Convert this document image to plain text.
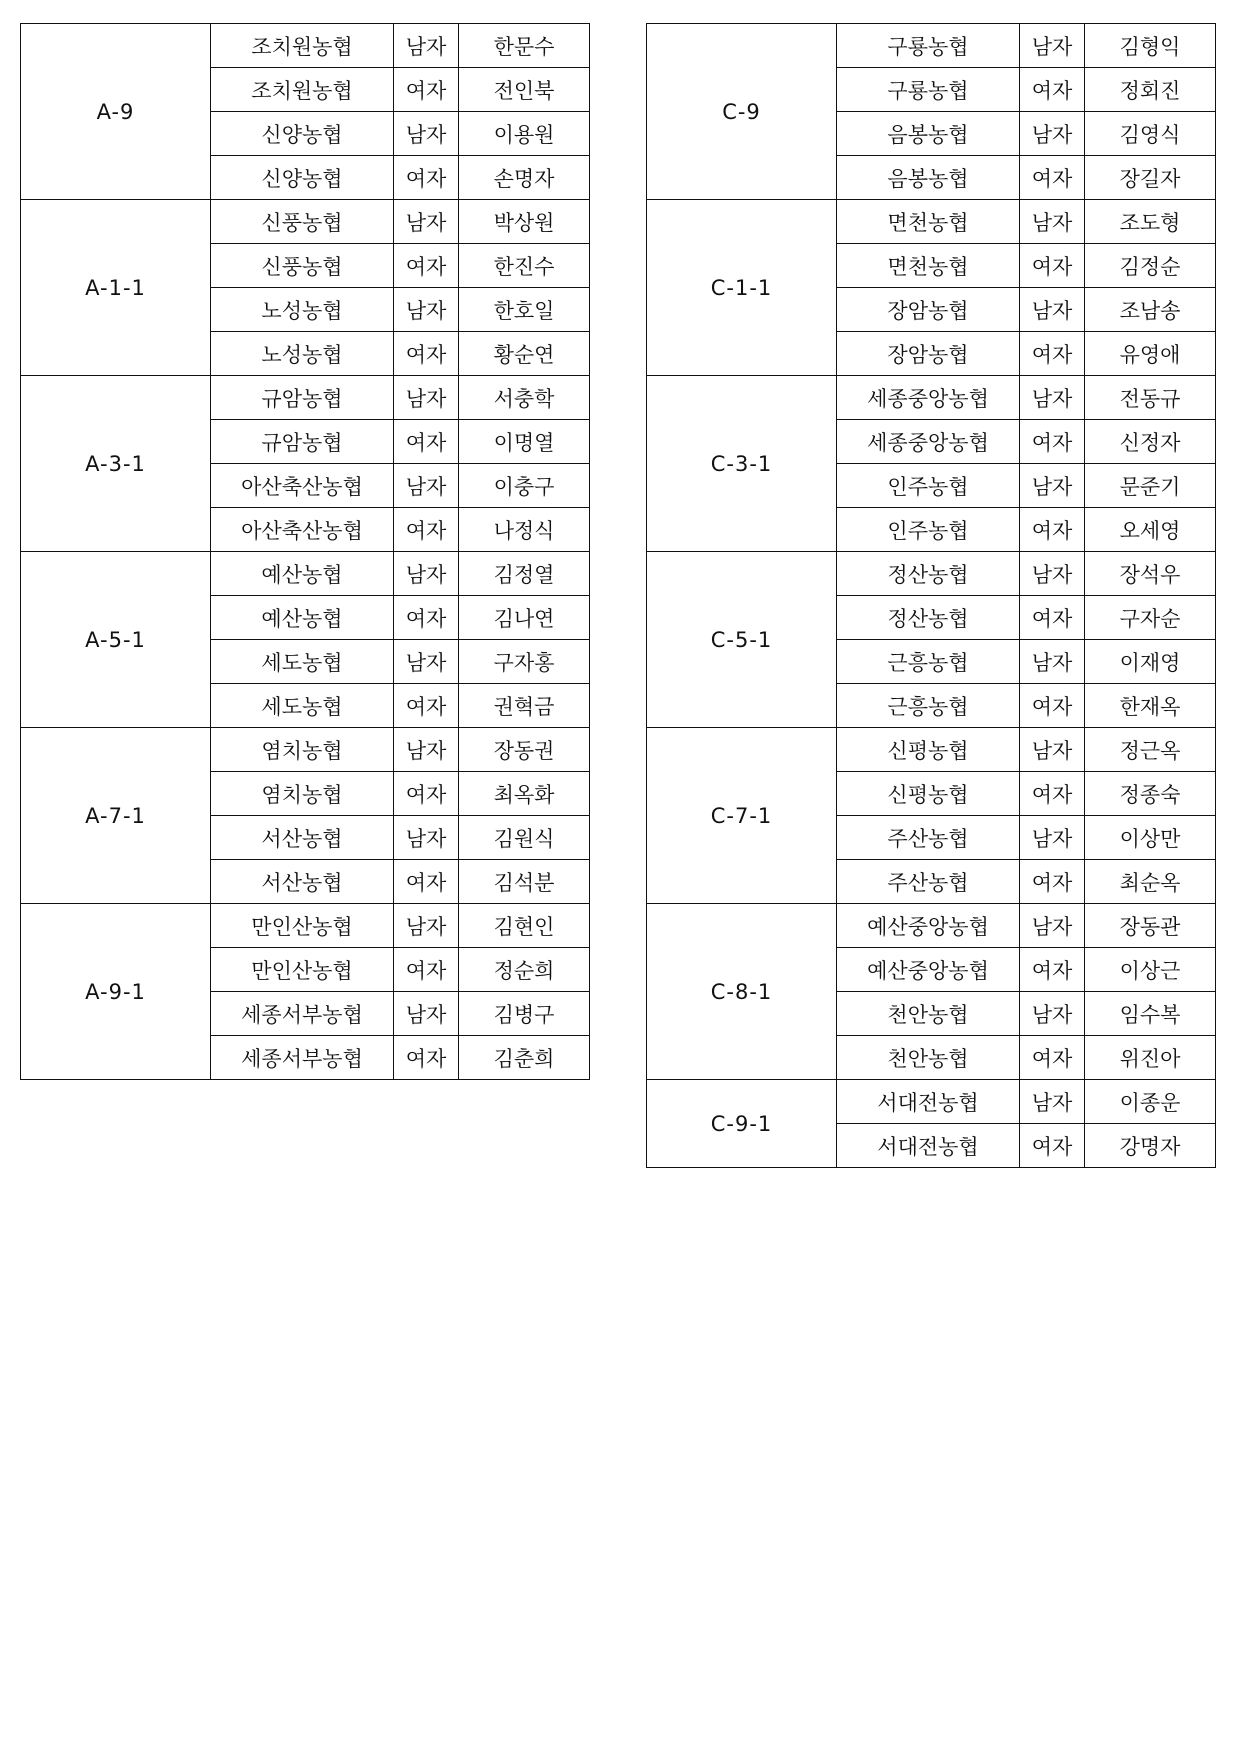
A-9	조치원농협	남자	한문수
	조치원농협	여자	전인북
	신양농협	남자	이용원
	신양농협	여자	손명자
A-1-1	신풍농협	남자	박상원
	신풍농협	여자	한진수
	노성농협	남자	한호일
	노성농협	여자	황순연
A-3-1	규암농협	남자	서충학
	규암농협	여자	이명열
	아산축산농협	남자	이충구
	아산축산농협	여자	나정식
A-5-1	예산농협	남자	김정열
	예산농협	여자	김나연
	세도농협	남자	구자홍
	세도농협	여자	권혁금
A-7-1	염치농협	남자	장동권
	염치농협	여자	최옥화
	서산농협	남자	김원식
	서산농협	여자	김석분
A-9-1	만인산농협	남자	김현인
	만인산농협	여자	정순희
	세종서부농협	남자	김병구
	세종서부농협	여자	김춘희
C-9	구룡농협	남자	김형익
	구룡농협	여자	정회진
	음봉농협	남자	김영식
	음봉농협	여자	장길자
C-1-1	면천농협	남자	조도형
	면천농협	여자	김정순
	장암농협	남자	조남송
	장암농협	여자	유영애
C-3-1	세종중앙농협	남자	전동규
	세종중앙농협	여자	신정자
	인주농협	남자	문준기
	인주농협	여자	오세영
C-5-1	정산농협	남자	장석우
	정산농협	여자	구자순
	근흥농협	남자	이재영
	근흥농협	여자	한재옥
C-7-1	신평농협	남자	정근옥
	신평농협	여자	정종숙
	주산농협	남자	이상만
	주산농협	여자	최순옥
C-8-1	예산중앙농협	남자	장동관
	예산중앙농협	여자	이상근
	천안농협	남자	임수복
	천안농협	여자	위진아
C-9-1	서대전농협	남자	이종운
	서대전농협	여자	강명자
